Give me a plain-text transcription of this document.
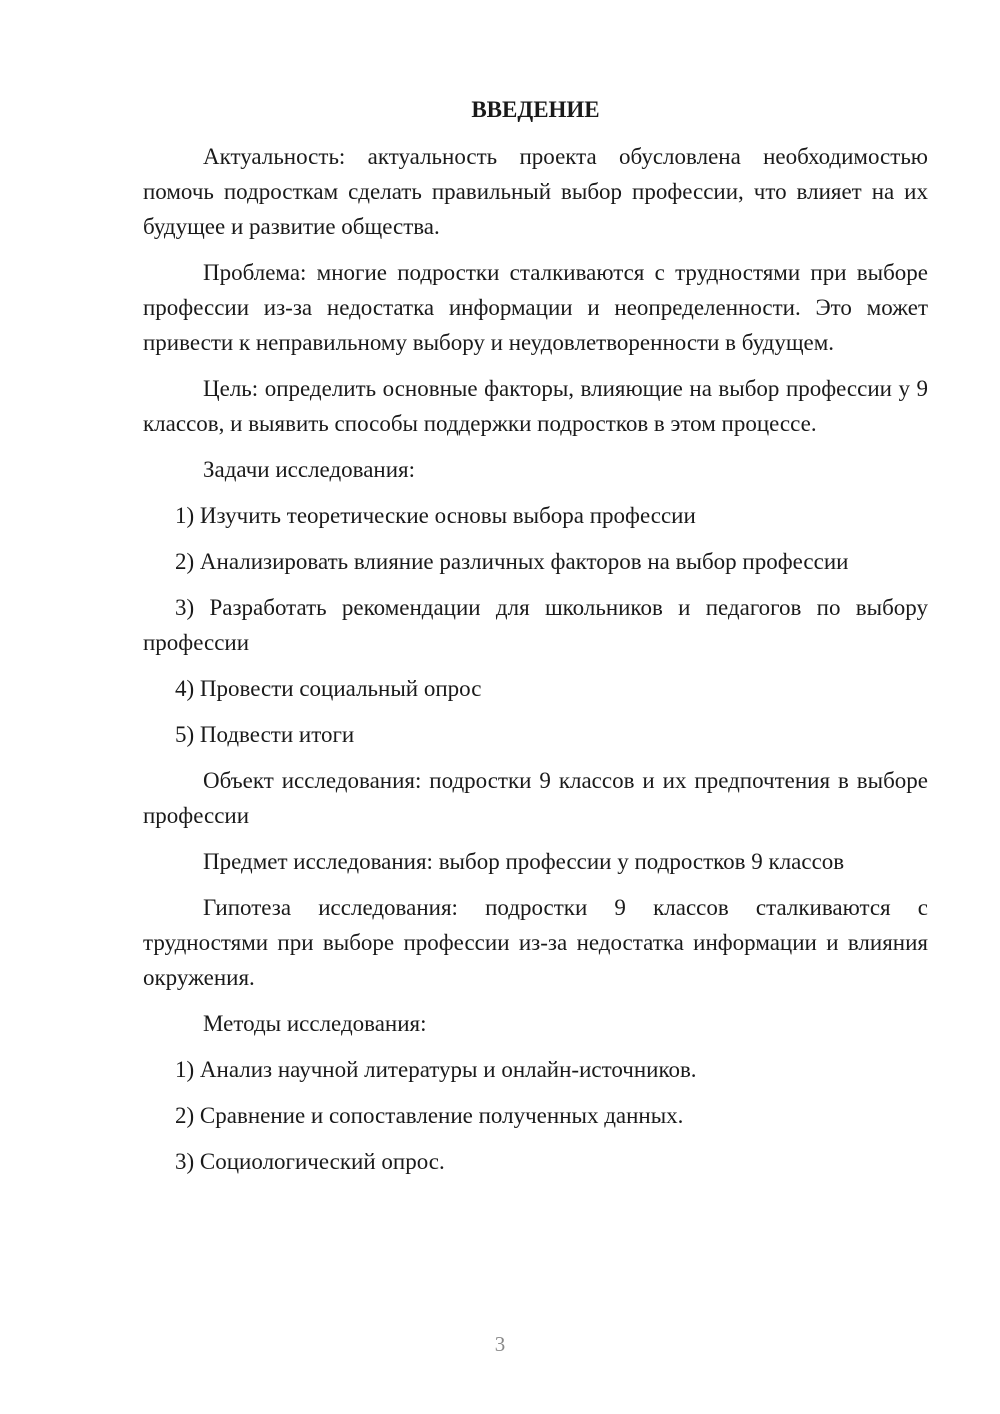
ВВЕДЕНИЕ

Актуальность: актуальность проекта обусловлена необходимостью помочь подросткам сделать правильный выбор профессии, что влияет на их будущее и развитие общества.

Проблема: многие подростки сталкиваются с трудностями при выборе профессии из-за недостатка информации и неопределенности. Это может привести к неправильному выбору и неудовлетворенности в будущем.

Цель: определить основные факторы, влияющие на выбор профессии у 9 классов, и выявить способы поддержки подростков в этом процессе.

Задачи исследования:

1) Изучить теоретические основы выбора профессии

2) Анализировать влияние различных факторов на выбор профессии

3) Разработать рекомендации для школьников и педагогов по выбору профессии

4) Провести социальный опрос

5) Подвести итоги

Объект исследования: подростки 9 классов и их предпочтения в выборе профессии

Предмет исследования: выбор профессии у подростков 9 классов

Гипотеза исследования: подростки 9 классов сталкиваются с трудностями при выборе профессии из-за недостатка информации и влияния окружения.

Методы исследования:

1) Анализ научной литературы и онлайн-источников.

2) Сравнение и сопоставление полученных данных.

3) Социологический опрос.

3
